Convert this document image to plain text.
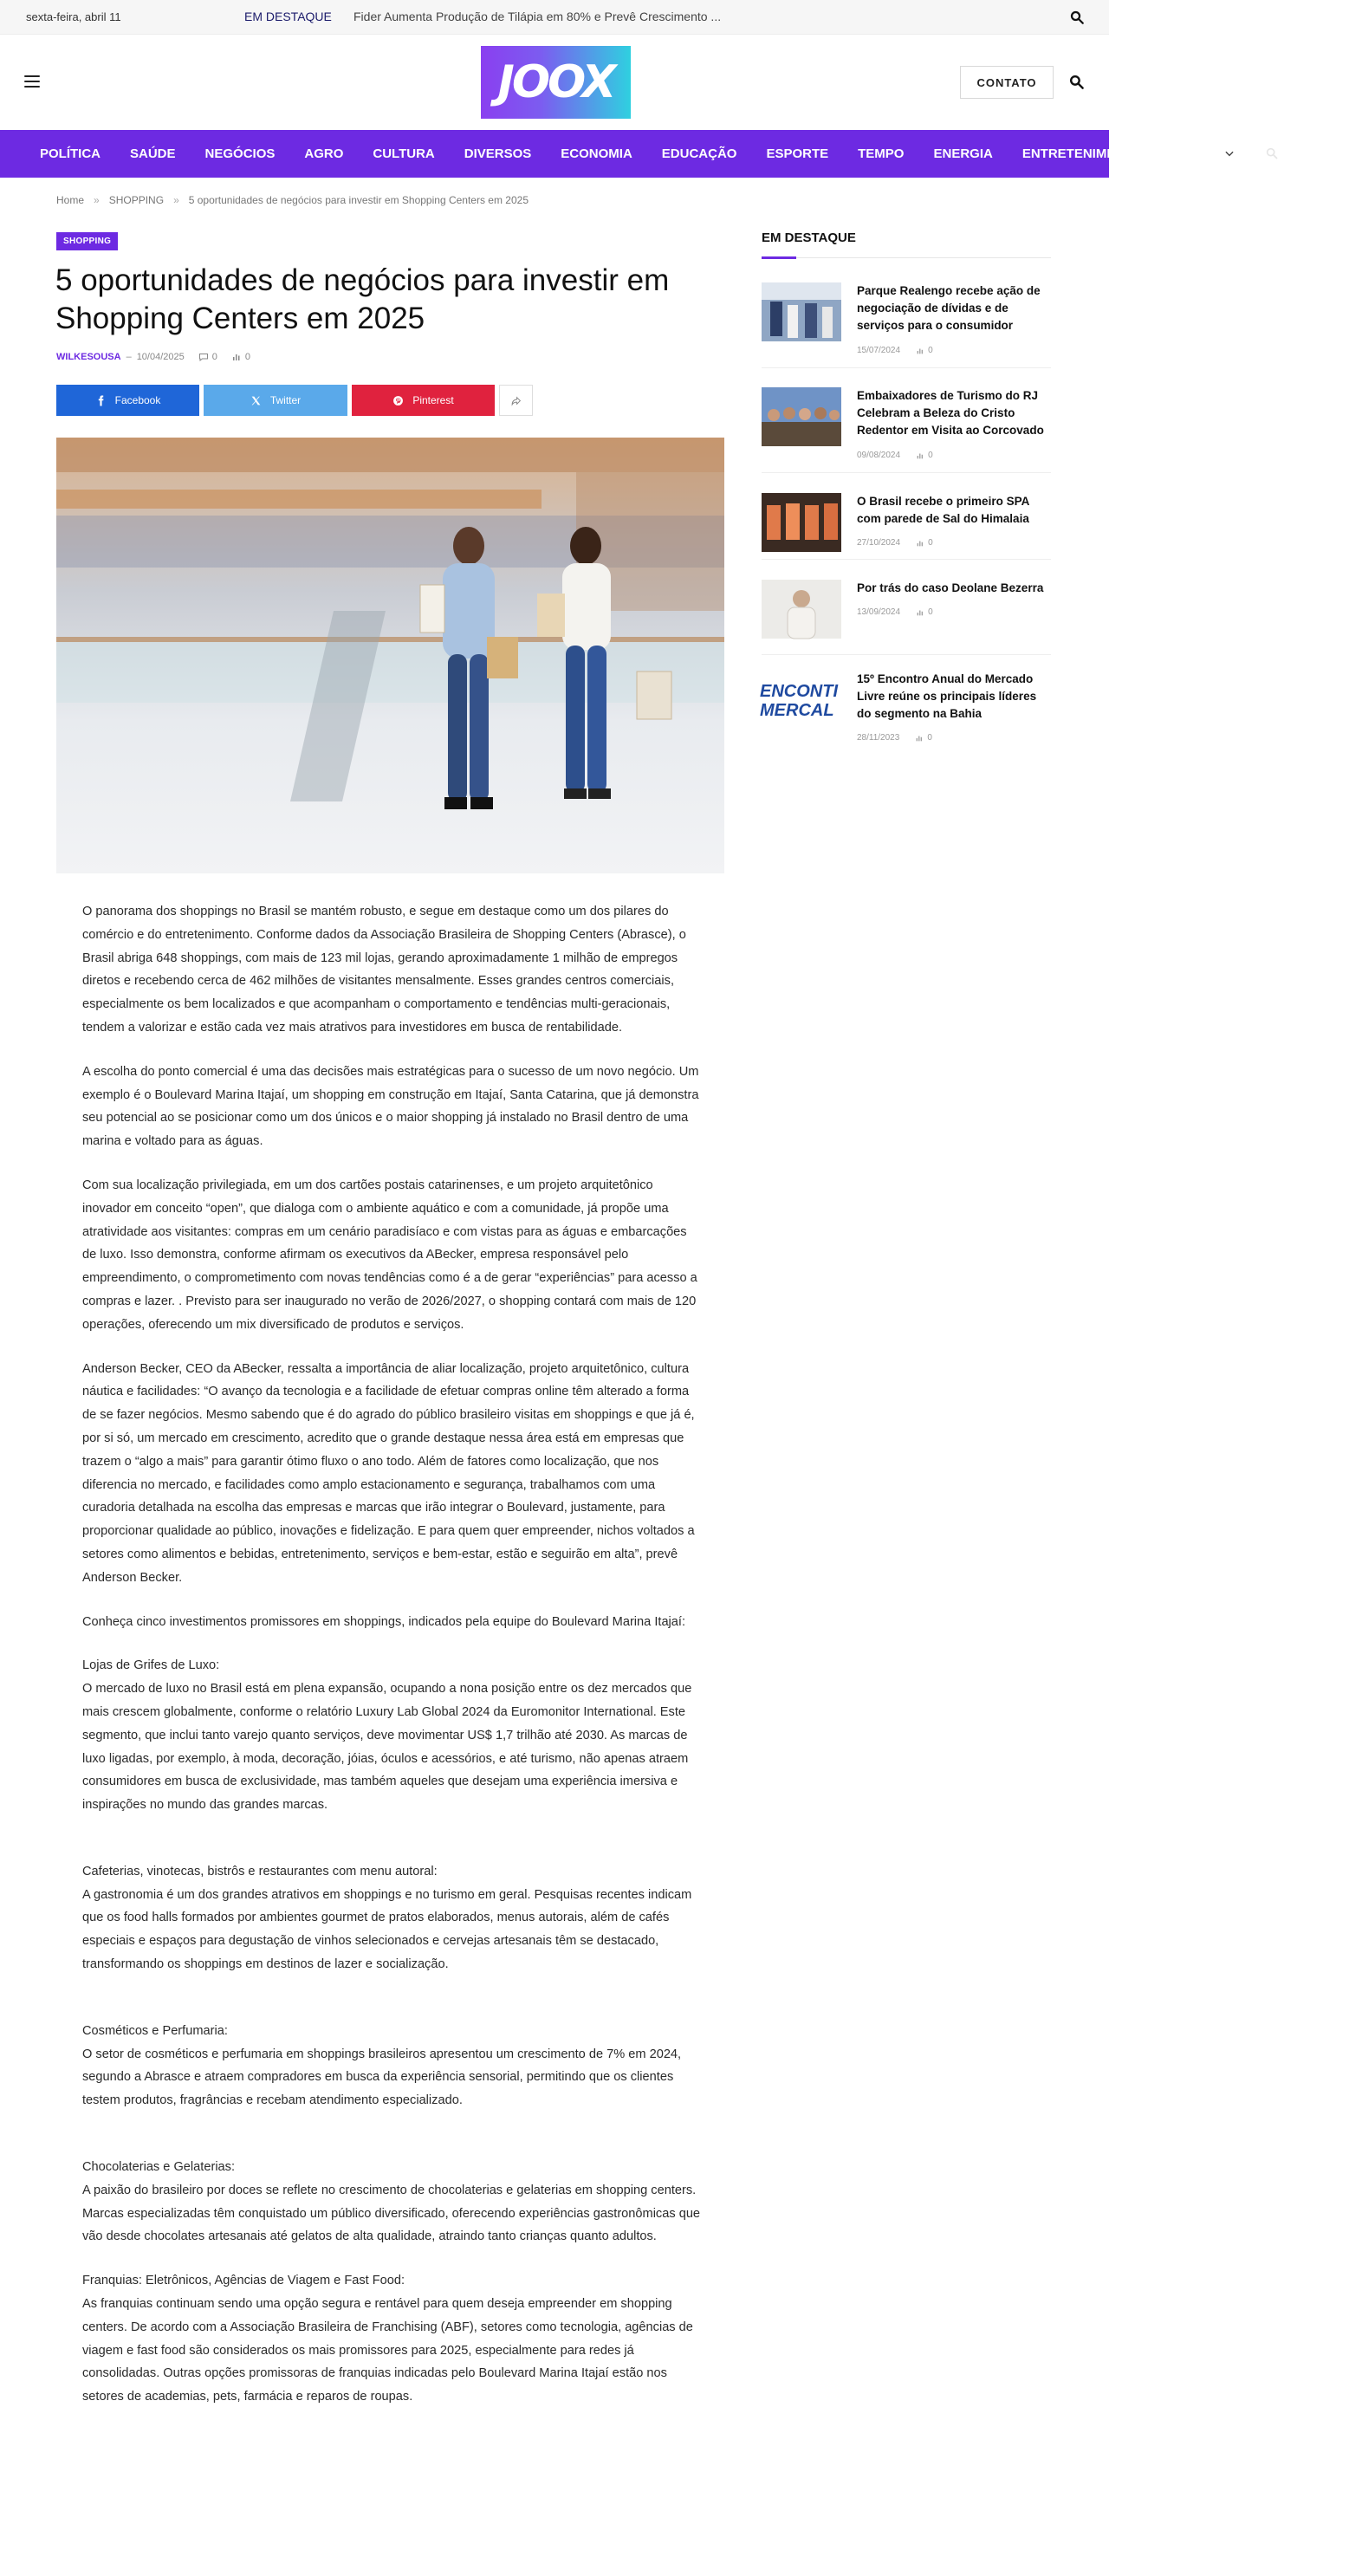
sexta-feira, abril 11	EM DESTAQUE Fider Aumenta Produção de Tilápia em 80% e Prevê Crescimento ...
JOOX	CONTATO
POLÍTICA SAÚDE NEGÓCIOS AGRO CULTURA DIVERSOS ECONOMIA EDUCAÇÃO ESPORTE TEMPO ENERGIA ENTRETENIMENTO
Home » SHOPPING » 5 oportunidades de negócios para investir em Shopping Centers em 2025
SHOPPING
5 oportunidades de negócios para investir em Shopping Centers em 2025
WILKESOUSA – 10/04/2025	0	0
Facebook	Twitter	Pinterest

O panorama dos shoppings no Brasil se mantém robusto, e segue em destaque como um dos pilares do comércio e do entretenimento. Conforme dados da Associação Brasileira de Shopping Centers (Abrasce), o Brasil abriga 648 shoppings, com mais de 123 mil lojas, gerando aproximadamente 1 milhão de empregos diretos e recebendo cerca de 462 milhões de visitantes mensalmente. Esses grandes centros comerciais, especialmente os bem localizados e que acompanham o comportamento e tendências multi-geracionais, tendem a valorizar e estão cada vez mais atrativos para investidores em busca de rentabilidade.

A escolha do ponto comercial é uma das decisões mais estratégicas para o sucesso de um novo negócio. Um exemplo é o Boulevard Marina Itajaí, um shopping em construção em Itajaí, Santa Catarina, que já demonstra seu potencial ao se posicionar como um dos únicos e o maior shopping já instalado no Brasil dentro de uma marina e voltado para as águas.

Com sua localização privilegiada, em um dos cartões postais catarinenses, e um projeto arquitetônico inovador em conceito “open”, que dialoga com o ambiente aquático e com a comunidade, já propõe uma atratividade aos visitantes: compras em um cenário paradisíaco e com vistas para as águas e embarcações de luxo. Isso demonstra, conforme afirmam os executivos da ABecker, empresa responsável pelo empreendimento, o comprometimento com novas tendências como é a de gerar “experiências” para acesso a compras e lazer. . Previsto para ser inaugurado no verão de 2026/2027, o shopping contará com mais de 120 operações, oferecendo um mix diversificado de produtos e serviços.

Anderson Becker, CEO da ABecker, ressalta a importância de aliar localização, projeto arquitetônico, cultura náutica e facilidades: “O avanço da tecnologia e a facilidade de efetuar compras online têm alterado a forma de se fazer negócios. Mesmo sabendo que é do agrado do público brasileiro visitas em shoppings e que já é, por si só, um mercado em crescimento, acredito que o grande destaque nessa área está em empresas que trazem o “algo a mais” para garantir ótimo fluxo o ano todo. Além de fatores como localização, que nos diferencia no mercado, e facilidades como amplo estacionamento e segurança, trabalhamos com uma curadoria detalhada na escolha das empresas e marcas que irão integrar o Boulevard, justamente, para proporcionar qualidade ao público, inovações e fidelização. E para quem quer empreender, nichos voltados a setores como alimentos e bebidas, entretenimento, serviços e bem-estar, estão e seguirão em alta”, prevê Anderson Becker.

Conheça cinco investimentos promissores em shoppings, indicados pela equipe do Boulevard Marina Itajaí:

Lojas de Grifes de Luxo:

O mercado de luxo no Brasil está em plena expansão, ocupando a nona posição entre os dez mercados que mais crescem globalmente, conforme o relatório Luxury Lab Global 2024 da Euromonitor International. Este segmento, que inclui tanto varejo quanto serviços, deve movimentar US$ 1,7 trilhão até 2030. As marcas de luxo ligadas, por exemplo, à moda, decoração, jóias, óculos e acessórios, e até turismo, não apenas atraem consumidores em busca de exclusividade, mas também aqueles que desejam uma experiência imersiva e inspirações no mundo das grandes marcas.

Cafeterias, vinotecas, bistrôs e restaurantes com menu autoral:

A gastronomia é um dos grandes atrativos em shoppings e no turismo em geral. Pesquisas recentes indicam que os food halls formados por ambientes gourmet de pratos elaborados, menus autorais, além de cafés especiais e espaços para degustação de vinhos selecionados e cervejas artesanais têm se destacado, transformando os shoppings em destinos de lazer e socialização.

Cosméticos e Perfumaria:

O setor de cosméticos e perfumaria em shoppings brasileiros apresentou um crescimento de 7% em 2024, segundo a Abrasce e atraem compradores em busca da experiência sensorial, permitindo que os clientes testem produtos, fragrâncias e recebam atendimento especializado.

Chocolaterias e Gelaterias:

A paixão do brasileiro por doces se reflete no crescimento de chocolaterias e gelaterias em shopping centers. Marcas especializadas têm conquistado um público diversificado, oferecendo experiências gastronômicas que vão desde chocolates artesanais até gelatos de alta qualidade, atraindo tanto crianças quanto adultos.

Franquias: Eletrônicos, Agências de Viagem e Fast Food:

As franquias continuam sendo uma opção segura e rentável para quem deseja empreender em shopping centers. De acordo com a Associação Brasileira de Franchising (ABF), setores como tecnologia, agências de viagem e fast food são considerados os mais promissores para 2025, especialmente para redes já consolidadas. Outras opções promissoras de franquias indicadas pelo Boulevard Marina Itajaí estão nos setores de academias, pets, farmácia e reparos de roupas.

EM DESTAQUE
Parque Realengo recebe ação de negociação de dívidas e de serviços para o consumidor
15/07/2024	0
Embaixadores de Turismo do RJ Celebram a Beleza do Cristo Redentor em Visita ao Corcovado
09/08/2024	0
O Brasil recebe o primeiro SPA com parede de Sal do Himalaia
27/10/2024	0
Por trás do caso Deolane Bezerra
13/09/2024	0
ENCONTI MERCAL
15º Encontro Anual do Mercado Livre reúne os principais líderes do segmento na Bahia
28/11/2023	0
